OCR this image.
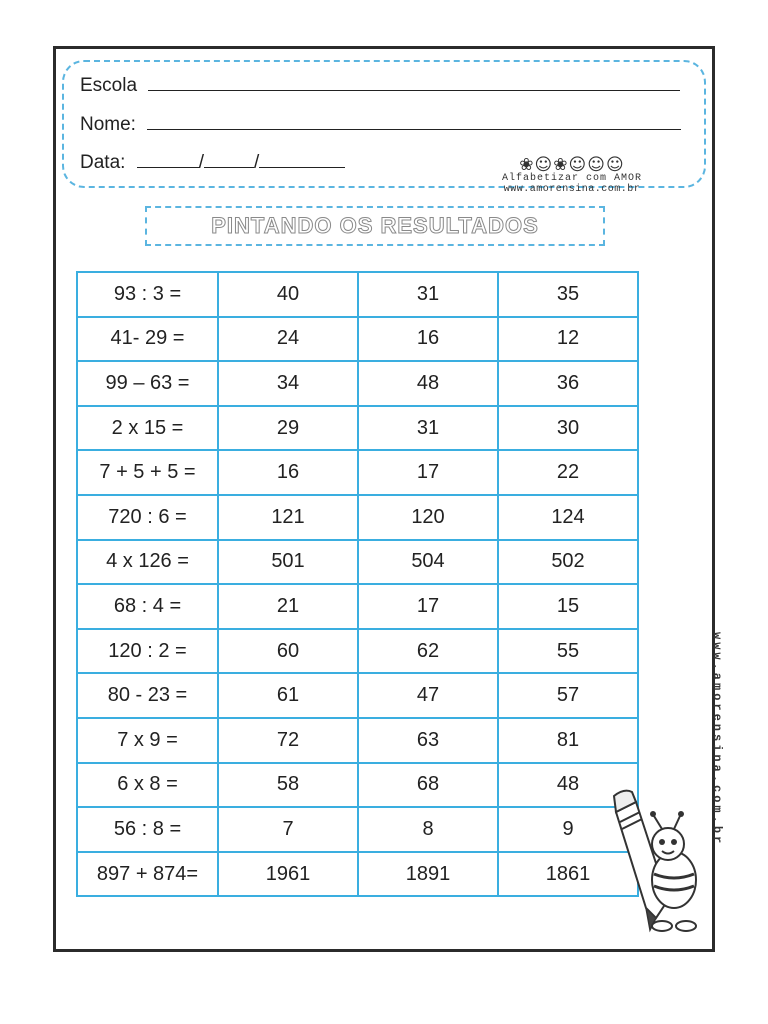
Escola
Nome:
Data:	/	/	❀☺❀☺☺☺
Alfabetizar com AMOR
www.amorensina.com.br
PINTANDO OS RESULTADOS
93 : 3 =	40	31	35
41- 29 =	24	16	12
99 – 63 =	34	48	36
2 x 15 =	29	31	30
7 + 5 + 5 =	16	17	22
720 : 6 =	121	120	124
4 x 126 =	501	504	502
68 : 4 =	21	17	15
120 : 2 =	60	62	55
80 - 23 =	61	47	57
7 x 9 =	72	63	81
6 x 8 =	58	68	48
56 : 8 =	7	8	9
897 + 874=	1961	1891	1861
www.amorensina.com.br
